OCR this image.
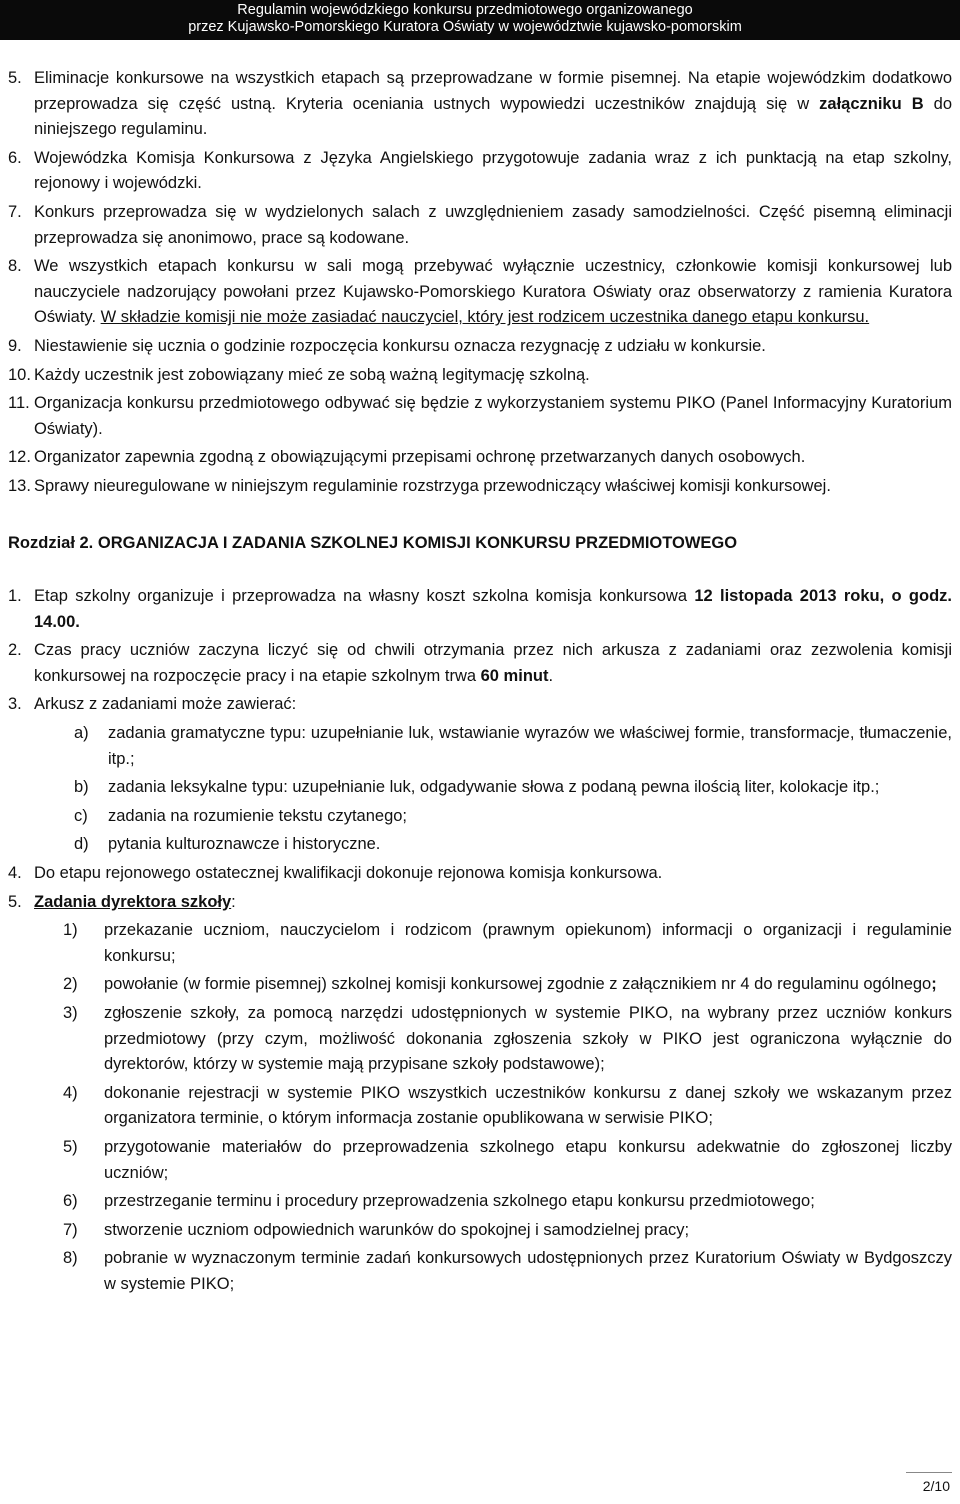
Regulamin wojewódzkiego konkursu przedmiotowego organizowanego
przez Kujawsko-Pomorskiego Kuratora Oświaty w województwie kujawsko-pomorskim
5. Eliminacje konkursowe na wszystkich etapach są przeprowadzane w formie pisemnej. Na etapie wojewódzkim dodatkowo przeprowadza się część ustną. Kryteria oceniania ustnych wypowiedzi uczestników znajdują się w załączniku B do niniejszego regulaminu.
6. Wojewódzka Komisja Konkursowa z Języka Angielskiego przygotowuje zadania wraz z ich punktacją na etap szkolny, rejonowy i wojewódzki.
7. Konkurs przeprowadza się w wydzielonych salach z uwzględnieniem zasady samodzielności. Część pisemną eliminacji przeprowadza się anonimowo, prace są kodowane.
8. We wszystkich etapach konkursu w sali mogą przebywać wyłącznie uczestnicy, członkowie komisji konkursowej lub nauczyciele nadzorujący powołani przez Kujawsko-Pomorskiego Kuratora Oświaty oraz obserwatorzy z ramienia Kuratora Oświaty. W składzie komisji nie może zasiadać nauczyciel, który jest rodzicem uczestnika danego etapu konkursu.
9. Niestawienie się ucznia o godzinie rozpoczęcia konkursu oznacza rezygnację z udziału w konkursie.
10. Każdy uczestnik jest zobowiązany mieć ze sobą ważną legitymację szkolną.
11. Organizacja konkursu przedmiotowego odbywać się będzie z wykorzystaniem systemu PIKO (Panel Informacyjny Kuratorium Oświaty).
12. Organizator zapewnia zgodną z obowiązującymi przepisami ochronę przetwarzanych danych osobowych.
13. Sprawy nieuregulowane w niniejszym regulaminie rozstrzyga przewodniczący właściwej komisji konkursowej.
Rozdział 2. ORGANIZACJA I ZADANIA SZKOLNEJ KOMISJI KONKURSU PRZEDMIOTOWEGO
1. Etap szkolny organizuje i przeprowadza na własny koszt szkolna komisja konkursowa 12 listopada 2013 roku, o godz. 14.00.
2. Czas pracy uczniów zaczyna liczyć się od chwili otrzymania przez nich arkusza z zadaniami oraz zezwolenia komisji konkursowej na rozpoczęcie pracy i na etapie szkolnym trwa 60 minut.
3. Arkusz z zadaniami może zawierać:
a) zadania gramatyczne typu: uzupełnianie luk, wstawianie wyrazów we właściwej formie, transformacje, tłumaczenie, itp.;
b) zadania leksykalne typu: uzupełnianie luk, odgadywanie słowa z podaną pewna ilością liter, kolokacje itp.;
c) zadania na rozumienie tekstu czytanego;
d) pytania kulturoznawcze i historyczne.
4. Do etapu rejonowego ostatecznej kwalifikacji dokonuje rejonowa komisja konkursowa.
5. Zadania dyrektora szkoły:
1) przekazanie uczniom, nauczycielom i rodzicom (prawnym opiekunom) informacji o organizacji i regulaminie konkursu;
2) powołanie (w formie pisemnej) szkolnej komisji konkursowej zgodnie z załącznikiem nr 4 do regulaminu ogólnego;
3) zgłoszenie szkoły, za pomocą narzędzi udostępnionych w systemie PIKO, na wybrany przez uczniów konkurs przedmiotowy (przy czym, możliwość dokonania zgłoszenia szkoły w PIKO jest ograniczona wyłącznie do dyrektorów, którzy w systemie mają przypisane szkoły podstawowe);
4) dokonanie rejestracji w systemie PIKO wszystkich uczestników konkursu z danej szkoły we wskazanym przez organizatora terminie, o którym informacja zostanie opublikowana w serwisie PIKO;
5) przygotowanie materiałów do przeprowadzenia szkolnego etapu konkursu adekwatnie do zgłoszonej liczby uczniów;
6) przestrzeganie terminu i procedury przeprowadzenia szkolnego etapu konkursu przedmiotowego;
7) stworzenie uczniom odpowiednich warunków do spokojnej i samodzielnej pracy;
8) pobranie w wyznaczonym terminie zadań konkursowych udostępnionych przez Kuratorium Oświaty w Bydgoszczy w systemie PIKO;
2/10
